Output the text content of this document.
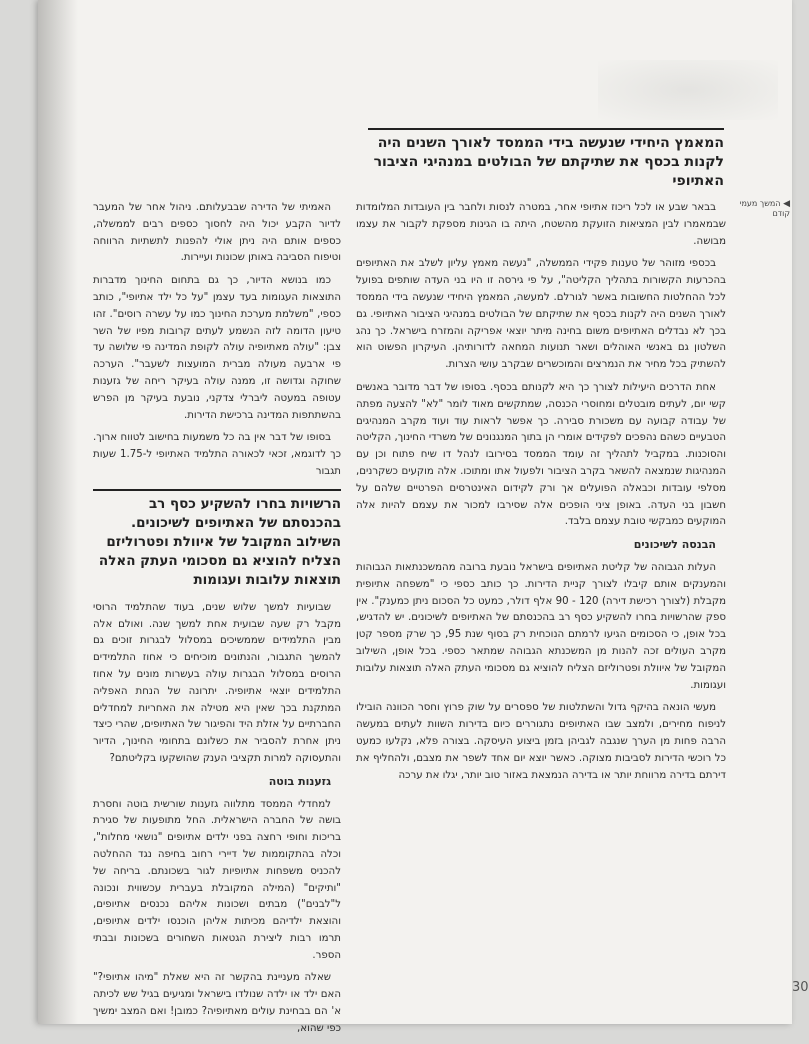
המאמץ היחידי שנעשה בידי הממסד לאורך השנים היה לקנות בכסף את שתיקתם של הבולטים במנהיגי הציבור האתיופי
◀ המשך מעמי קודם

בבאר שבע או לכל ריכוז אתיופי אחר, במטרה לנסות ולחבר בין העובדות המלומדות שבמאמרו לבין המציאות הזועקת מהשטח, היתה בו הגינות מספקת לקבור את עצמו מבושה.

בכספי מזוהר של טענות פקידי הממשלה, "נעשה מאמץ עליון לשלב את האתיופים בהכרעות הקשורות בתהליך הקליטה", על פי גירסה זו היו בני העדה שותפים בפועל לכל ההחלטות החשובות באשר לגורלם. למעשה, המאמץ היחידי שנעשה בידי הממסד לאורך השנים היה לקנות בכסף את שתיקתם של הבולטים במנהיגי הציבור האתיופי. גם בכך לא נבדלים האתיופים משום בחינה מיתר יוצאי אפריקה והמזרח בישראל. כך נהג השלטון גם באנשי האוהלים ושאר תנועות המחאה לדורותיהן. העיקרון הפשוט הוא להשתיק בכל מחיר את הנמרצים והמוכשרים שבקרב עושי הצרות.

אחת הדרכים היעילות לצורך כך היא לקנותם בכסף. בסופו של דבר מדובר באנשים קשי יום, לעתים מובטלים ומחוסרי הכנסה, שמתקשים מאוד לומר "לא" להצעה מפתה של עבודה קבועה עם משכורת סבירה. כך אפשר לראות עוד ועוד מקרב המנהיגים הטבעיים כשהם נהפכים לפקידים אומרי הן בתוך המנגנונים של משרדי החינוך, הקליטה והסוכנות. במקביל לתהליך זה עומד הממסד בסירובו לנהל דו שיח פתוח וכן עם המנהיגות שנמצאה להשאר בקרב הציבור ולפעול אתו ומתוכו. אלה מוקעים כשקרנים, מסלפי עובדות וכבאלה הפועלים אך ורק לקידום האינטרסים הפרטיים שלהם על חשבון בני העדה. באופן ציני הופכים אלה שסירבו למכור את עצמם להיות אלה המוקעים כמבקשי טובת עצמם בלבד.

הבנסה לשיכונים

העלות הגבוהה של קליטת האתיופים בישראל נובעת ברובה מהמשכנתאות הגבוהות והמענקים אותם קיבלו לצורך קניית הדירות. כך כותב כספי כי "משפחה אתיופית מקבלת (לצורך רכישת דירה) 120 - 90 אלף דולר, כמעט כל הסכום ניתן כמענק". אין ספק שהרשויות בחרו להשקיע כסף רב בהכנסתם של האתיופים לשיכונים. יש להדגיש, בכל אופן, כי הסכומים הגיעו לרמתם הנוכחית רק בסוף שנת 95, כך שרק מספר קטן מקרב העולים זכה להנות מן המשכנתא הגבוהה שמתאר כספי. בכל אופן, השילוב המקובל של איוולת ופטרוליזם הצליח להוציא גם מסכומי העתק האלה תוצאות עלובות ועגומות.

מעשי הונאה בהיקף גדול והשתלטות של ספסרים על שוק פרוץ וחסר הכוונה הובילו לניפוח מחירים, ולמצב שבו האתיופים נתגוררים כיום בדירות השוות לעתים במעשה הרבה פחות מן הערך שנגבה לגביהן בזמן ביצוע העיסקה. בצורה פלא, נקלעו כמעט כל רוכשי הדירות לסביבות מצוקה. כאשר יוצא יום אחד לשפר את מצבם, ולהחליף את דירתם בדירה מרווחת יותר או בדירה הנמצאת באזור טוב יותר, יגלו את ערכה

האמיתי של הדירה שבבעלותם. ניהול אחר של המעבר לדיור הקבע יכול היה לחסוך כספים רבים לממשלה, כספים אותם היה ניתן אולי להפנות לתשתיות הרווחה וטיפוח הסביבה באותן שכונות ועיירות.

כמו בנושא הדיור, כך גם בתחום החינוך מדברות התוצאות העגומות בעד עצמן "על כל ילד אתיופי", כותב כספי, "משלמת מערכת החינוך כמו על עשרה רוסים". זהו טיעון הדומה לזה הנשמע לעתים קרובות מפיו של השר צבן: "עולה מאתיופיה עולה לקופת המדינה פי שלושה עד פי ארבעה מעולה מברית המועצות לשעבר". הערכה שחוקה וגדושה זו, ממנה עולה בעיקר ריחה של גזענות עטופה במעטה ליברלי צדקני, נובעת בעיקר מן הפרש בהשתתפות המדינה ברכישת הדירות.

בסופו של דבר אין בה כל משמעות בחישוב לטווח ארוך. כך לדוגמא, זכאי לכאורה התלמיד האתיופי ל-1.75 שעות תגבור

הרשויות בחרו להשקיע כסף רב בהכנסתם של האתיופים לשיכונים. השילוב המקובל של איוולת ופטרוליזם הצליח להוציא גם מסכומי העתק האלה תוצאות עלובות ועגומות

שבועיות למשך שלוש שנים, בעוד שהתלמיד הרוסי מקבל רק שעה שבועית אחת למשך שנה. ואולם אלה מבין התלמידים שממשיכים במסלול לבגרות זוכים גם להמשך התגבור, והנתונים מוכיחים כי אחוז התלמידים הרוסים במסלול הבגרות עולה בעשרות מונים על אחוז התלמידים יוצאי אתיופיה. יתרונה של הנחת האפליה המתקנת בכך שאין היא מטילה את האחריות למחדלים החברתיים על אזלת היד והפיגור של האתיופים, שהרי כיצד ניתן אחרת להסביר את כשלונם בתחומי החינוך, הדיור והתעסוקה למרות תקציבי הענק שהושקעו בקליטתם?

גזענות בוטה

למחדלי הממסד מתלווה גזענות שורשית בוטה וחסרת בושה של החברה הישראלית. החל מתופעות של סגירת בריכות וחופי רחצה בפני ילדים אתיופים "נושאי מחלות", וכלה בהתקוממות של דיירי רחוב בחיפה נגד ההחלטה להכניס משפחות אתיופיות לגור בשכונתם. בריחה של "ותיקים" (המילה המקובלת בעברית עכשווית ונכונה ל"לבנים") מבתים ושכונות אליהם נכנסים אתיופים, והוצאת ילדיהם מכיתות אליהן הוכנסו ילדים אתיופים, תרמו רבות ליצירת הגטאות השחורים בשכונות ובבתי הספר.

שאלה מעניינת בהקשר זה היא שאלת "מיהו אתיופי?" האם ילד או ילדה שנולדו בישראל ומגיעים בגיל שש לכיתה א' הם בבחינת עולים מאתיופיה? כמובן! ואם המצב ימשיך כפי שהוא,

30
